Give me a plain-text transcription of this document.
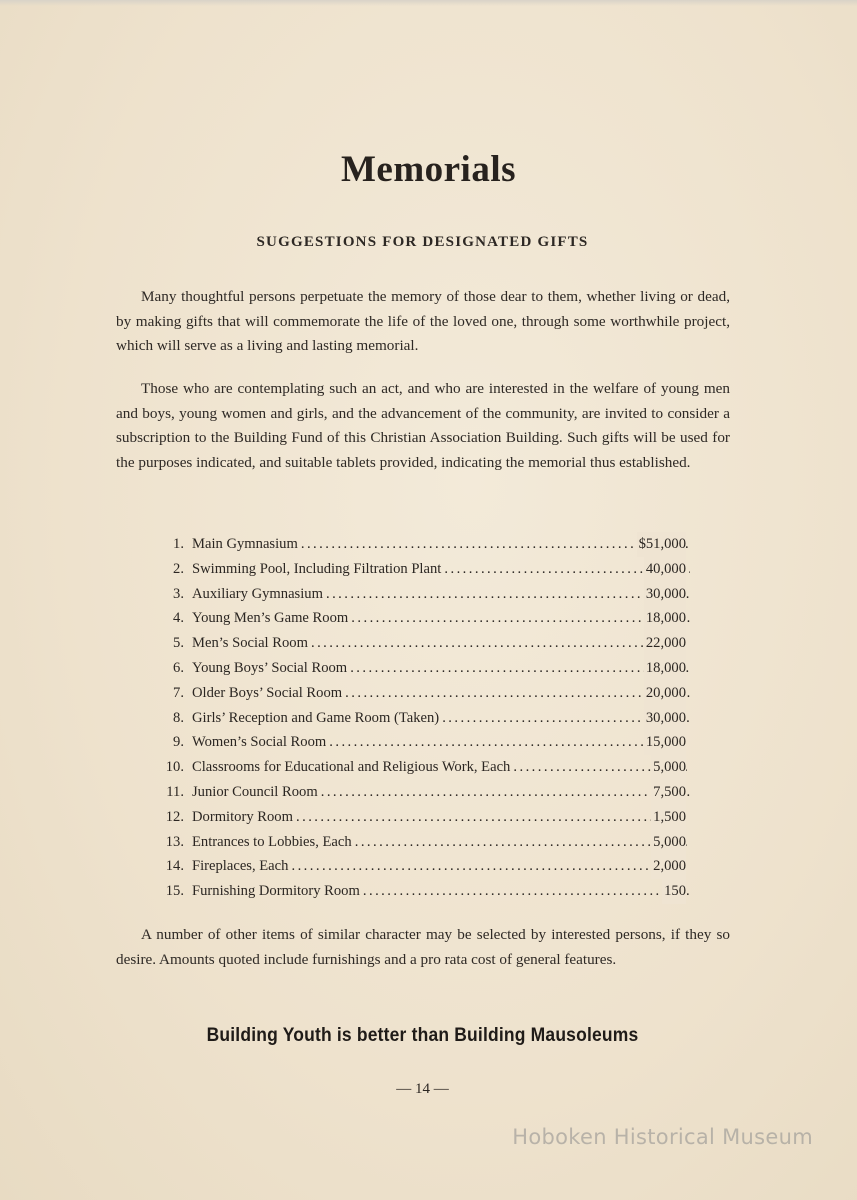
Memorials
SUGGESTIONS FOR DESIGNATED GIFTS
Many thoughtful persons perpetuate the memory of those dear to them, whether living or dead, by making gifts that will commemorate the life of the loved one, through some worthwhile project, which will serve as a living and lasting memorial.
Those who are contemplating such an act, and who are interested in the welfare of young men and boys, young women and girls, and the advancement of the community, are invited to consider a subscription to the Building Fund of this Christian Association Building. Such gifts will be used for the purposes indicated, and suitable tablets provided, indicating the memorial thus established.
1. Main Gymnasium . . .	$51,000
2. Swimming Pool, Including Filtration Plant . . .	40,000
3. Auxiliary Gymnasium . . .	30,000
4. Young Men’s Game Room . . .	18,000
5. Men’s Social Room . . .	22,000
6. Young Boys’ Social Room . . .	18,000
7. Older Boys’ Social Room . . .	20,000
8. Girls’ Reception and Game Room (Taken) . . .	30,000
9. Women’s Social Room . . .	15,000
10. Classrooms for Educational and Religious Work, Each . . .	5,000
11. Junior Council Room . . .	7,500
12. Dormitory Room . . .	1,500
13. Entrances to Lobbies, Each . . .	5,000
14. Fireplaces, Each . . .	2,000
15. Furnishing Dormitory Room . . .	150
A number of other items of similar character may be selected by interested persons, if they so desire. Amounts quoted include furnishings and a pro rata cost of general features.
Building Youth is better than Building Mausoleums
— 14 —
Hoboken Historical Museum
